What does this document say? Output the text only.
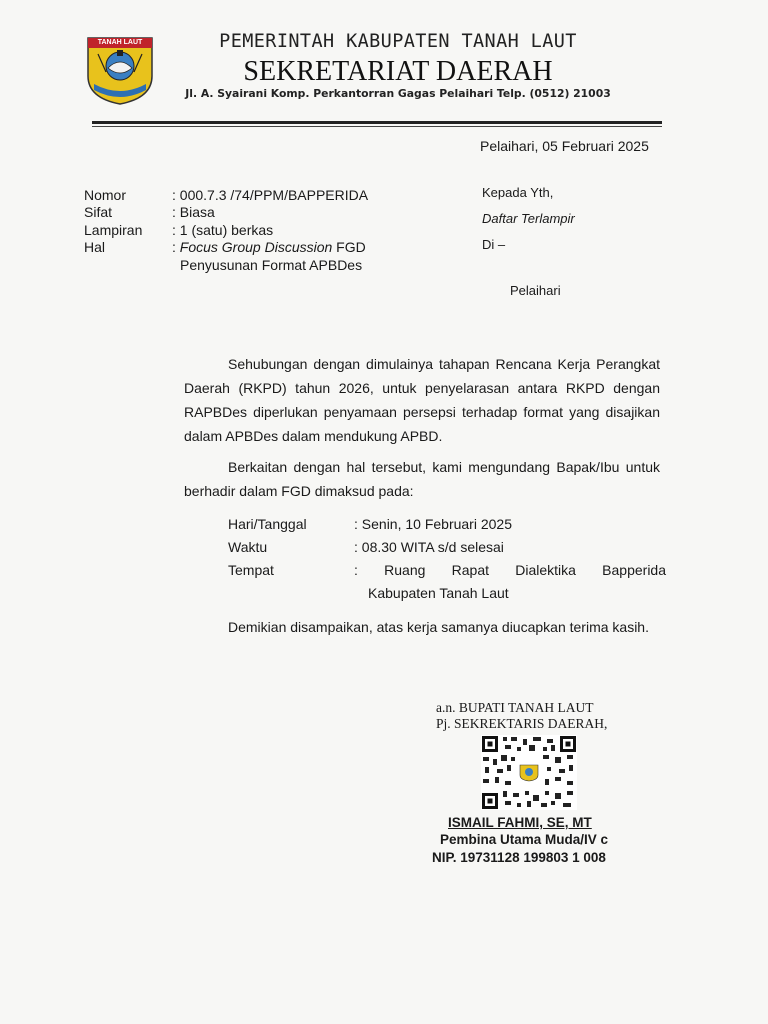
TANAH LAUT	PEMERINTAH KABUPATEN TANAH LAUT
SEKRETARIAT DAERAH
Jl. A. Syairani Komp. Perkantorran Gagas Pelaihari Telp. (0512) 21003
Pelaihari, 05 Februari 2025
Nomor	: 000.7.3 /74/PPM/BAPPERIDA
Sifat	: Biasa
Lampiran : 1 (satu) berkas
Hal	: Focus Group Discussion FGD
Penyusunan Format APBDes
Kepada Yth,
Daftar Terlampir
Di –
Pelaihari
Sehubungan dengan dimulainya tahapan Rencana Kerja Perangkat Daerah (RKPD) tahun 2026, untuk penyelarasan antara RKPD dengan RAPBDes diperlukan penyamaan persepsi terhadap format yang disajikan dalam APBDes dalam mendukung APBD.
Berkaitan dengan hal tersebut, kami mengundang Bapak/Ibu untuk berhadir dalam FGD dimaksud pada:
Hari/Tanggal	: Senin, 10 Februari 2025
Waktu	: 08.30 WITA s/d selesai
Tempat	: Ruang Rapat Dialektika Bapperida
Kabupaten Tanah Laut
Demikian disampaikan, atas kerja samanya diucapkan terima kasih.
a.n. BUPATI TANAH LAUT
Pj. SEKREKTARIS DAERAH,
ISMAIL FAHMI, SE, MT
Pembina Utama Muda/IV c
NIP. 19731128 199803 1 008
